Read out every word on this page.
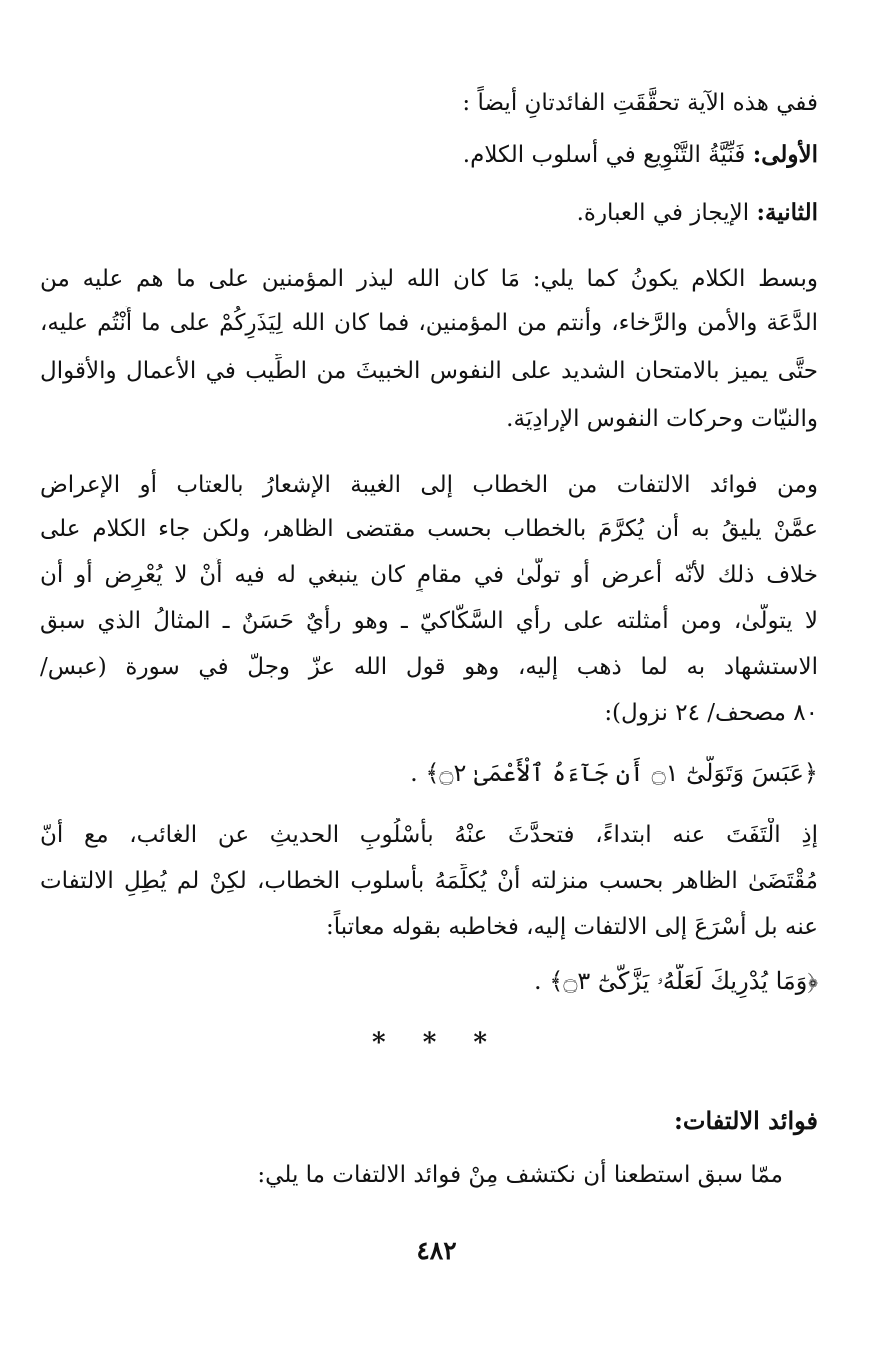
ففي هذه الآية تحقَّقَتِ الفائدتانِ أيضاً :
الأولى: فَنِّيَّةُ التَّنْوِيع في أسلوب الكلام.
الثانية: الإيجاز في العبارة.
وبسط الكلام يكونُ كما يلي: مَا كان الله ليذر المؤمنين على ما هم عليه من
الدَّعَة والأمن والرَّخاء، وأنتم من المؤمنين، فما كان الله لِيَذَرِكُمْ على ما أَنْتُم عليه،
حتَّى يميز بالامتحان الشديد على النفوس الخبيثَ من الطِّيب في الأعمال والأقوال
والنيّات وحركات النفوس الإرادِيَة.
ومن فوائد الالتفات من الخطاب إلى الغيبة الإشعارُ بالعتاب أو الإعراض
عمَّنْ يليقُ به أن يُكرَّمَ بالخطاب بحسب مقتضى الظاهر، ولكن جاء الكلام على
خلاف ذلك لأنّه أعرض أو تولَّىٰ في مقامٍ كان ينبغي له فيه أَنْ لا يُعْرِض أو أن
لا يتولّىٰ، ومن أمثلته على رأي السَّكّاكيّ ـ وهو رأيٌ حَسَنٌ ـ المثالُ الذي سبق
الاستشهاد به لما ذهب إليه، وهو قول الله عزّ وجلّ في سورة (عبس/
٨٠ مصحف/ ٢٤ نزول):
﴿عَبَسَ وَتَوَلَّىٰٓ ۝١ أَن جَآءَهُ ٱلْأَعْمَىٰ ۝٢﴾ .
إذِ الْتَفَتَ عنه ابتداءً، فتحدَّثَ عنْهُ بأسْلُوبِ الحديثِ عن الغائب، مع أنّ
مُقْتَضَىٰ الظاهر بحسب منزلته أنْ يُكلِّمَهُ بأسلوب الخطاب، لكِنْ لم يُطِلِ الالتفات
عنه بل أَسْرَعَ إلى الالتفات إليه، فخاطبه بقوله معاتباً:
﴿وَمَا يُدْرِيكَ لَعَلَّهُۥ يَزَّكَّىٰٓ ۝٣﴾ .
* * *
فوائد الالتفات:
ممّا سبق استطعنا أن نكتشف مِنْ فوائد الالتفات ما يلي:
٤٨٢
